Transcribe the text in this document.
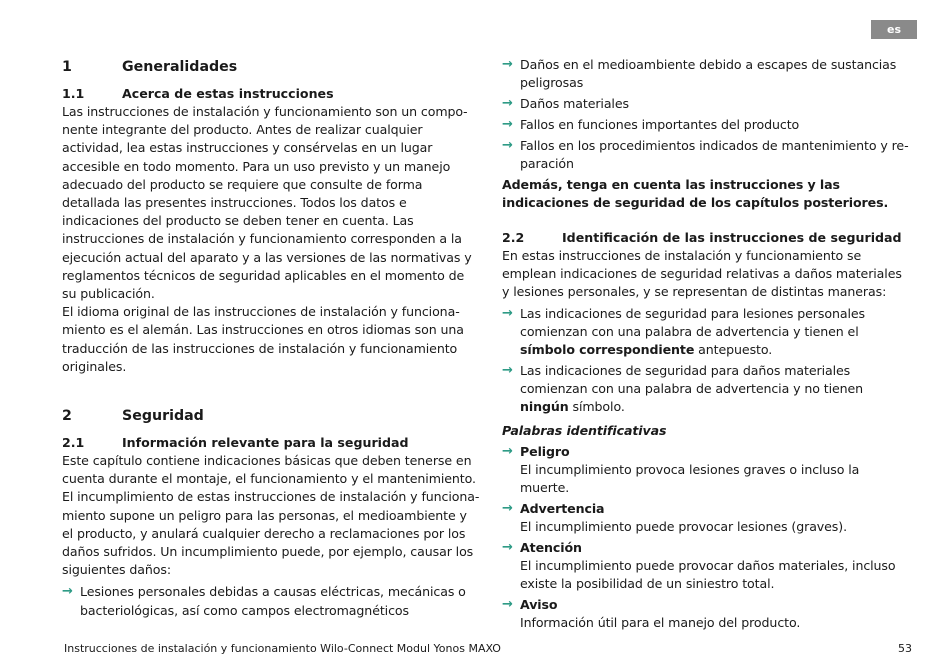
es
1	Generalidades
1.1	Acerca de estas instrucciones

Las instrucciones de instalación y funcionamiento son un componente integrante del producto. Antes de realizar cualquier actividad, lea estas instrucciones y consérvelas en un lugar accesible en todo momento. Para un uso previsto y un manejo adecuado del producto se requiere que consulte de forma detallada las presentes instrucciones. Todos los datos e indicaciones del producto se deben tener en cuenta. Las instrucciones de instalación y funcionamiento corresponden a la ejecución actual del aparato y a las versiones de las normativas y reglamentos técnicos de seguridad aplicables en el momento de su publicación.

El idioma original de las instrucciones de instalación y funcionamiento es el alemán. Las instrucciones en otros idiomas son una traducción de las instrucciones de instalación y funcionamiento originales.

2	Seguridad
2.1	Información relevante para la seguridad

Este capítulo contiene indicaciones básicas que deben tenerse en cuenta durante el montaje, el funcionamiento y el mantenimiento. El incumplimiento de estas instrucciones de instalación y funcionamiento supone un peligro para las personas, el medioambiente y el producto, y anulará cualquier derecho a reclamaciones por los daños sufridos. Un incumplimiento puede, por ejemplo, causar los siguientes daños:

→ Lesiones personales debidas a causas eléctricas, mecánicas o bacteriológicas, así como campos electromagnéticos
→ Daños en el medioambiente debido a escapes de sustancias peligrosas
→ Daños materiales
→ Fallos en funciones importantes del producto
→ Fallos en los procedimientos indicados de mantenimiento y reparación

Además, tenga en cuenta las instrucciones y las indicaciones de seguridad de los capítulos posteriores.

2.2	Identificación de las instrucciones de seguridad

En estas instrucciones de instalación y funcionamiento se emplean indicaciones de seguridad relativas a daños materiales y lesiones personales, y se representan de distintas maneras:

→ Las indicaciones de seguridad para lesiones personales comienzan con una palabra de advertencia y tienen el símbolo correspondiente antepuesto.
→ Las indicaciones de seguridad para daños materiales comienzan con una palabra de advertencia y no tienen ningún símbolo.

Palabras identificativas

→ Peligro
El incumplimiento provoca lesiones graves o incluso la muerte.
→ Advertencia
El incumplimiento puede provocar lesiones (graves).
→ Atención
El incumplimiento puede provocar daños materiales, incluso existe la posibilidad de un siniestro total.
→ Aviso
Información útil para el manejo del producto.
Instrucciones de instalación y funcionamiento Wilo-Connect Modul Yonos MAXO	53
